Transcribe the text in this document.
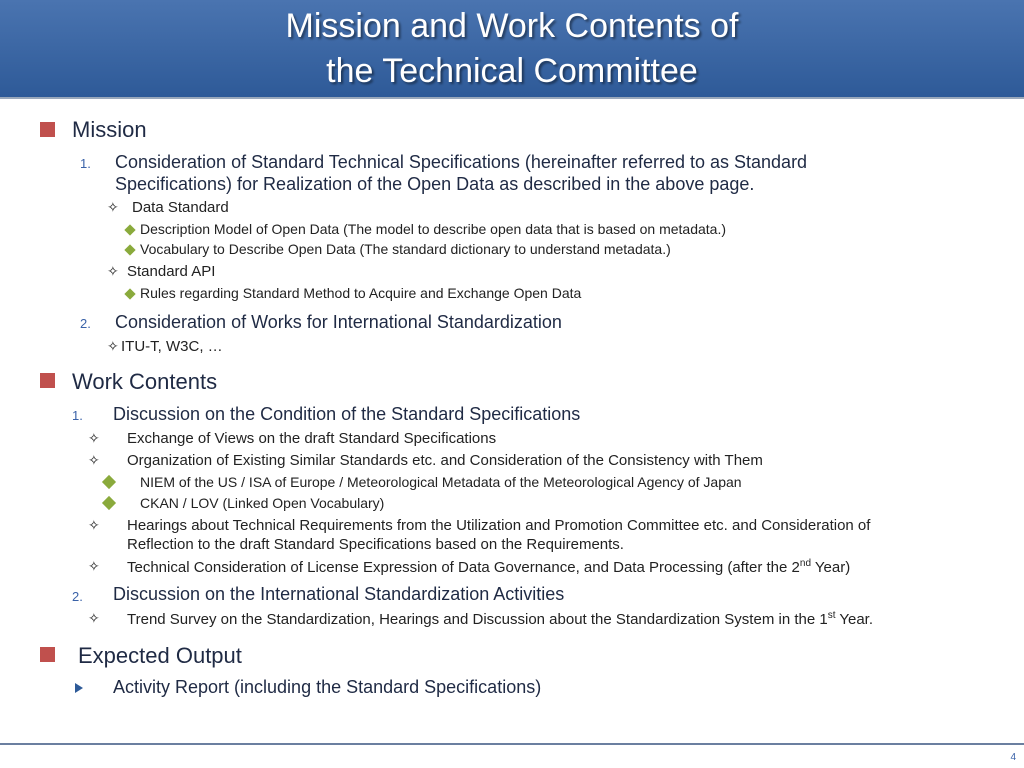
Mission and Work Contents of
the Technical Committee
Mission
1. Consideration of Standard Technical Specifications (hereinafter referred to as Standard
Specifications) for Realization of the Open Data as described in the above page.
✧ Data Standard
Description Model of Open Data (The model to describe open data that is based on metadata.)
Vocabulary to Describe Open Data (The standard dictionary to understand metadata.)
✧ Standard API
Rules regarding Standard Method to Acquire and Exchange Open Data
2. Consideration of Works for International Standardization
✧ ITU-T, W3C, …
Work Contents
1. Discussion on the Condition of the Standard Specifications
✧ Exchange of Views on the draft Standard Specifications
✧ Organization of Existing Similar Standards etc. and Consideration of the Consistency with Them
NIEM of the US / ISA of Europe / Meteorological Metadata of the Meteorological Agency of Japan
CKAN / LOV (Linked Open Vocabulary)
✧ Hearings about Technical Requirements from the Utilization and Promotion Committee etc. and Consideration of
Reflection to the draft Standard Specifications based on the Requirements.
✧ Technical Consideration of License Expression of Data Governance, and Data Processing (after the 2nd Year)
2. Discussion on the International Standardization Activities
✧ Trend Survey on the Standardization, Hearings and Discussion about the Standardization System in the 1st Year.
Expected Output
Activity Report (including the Standard Specifications)
4
